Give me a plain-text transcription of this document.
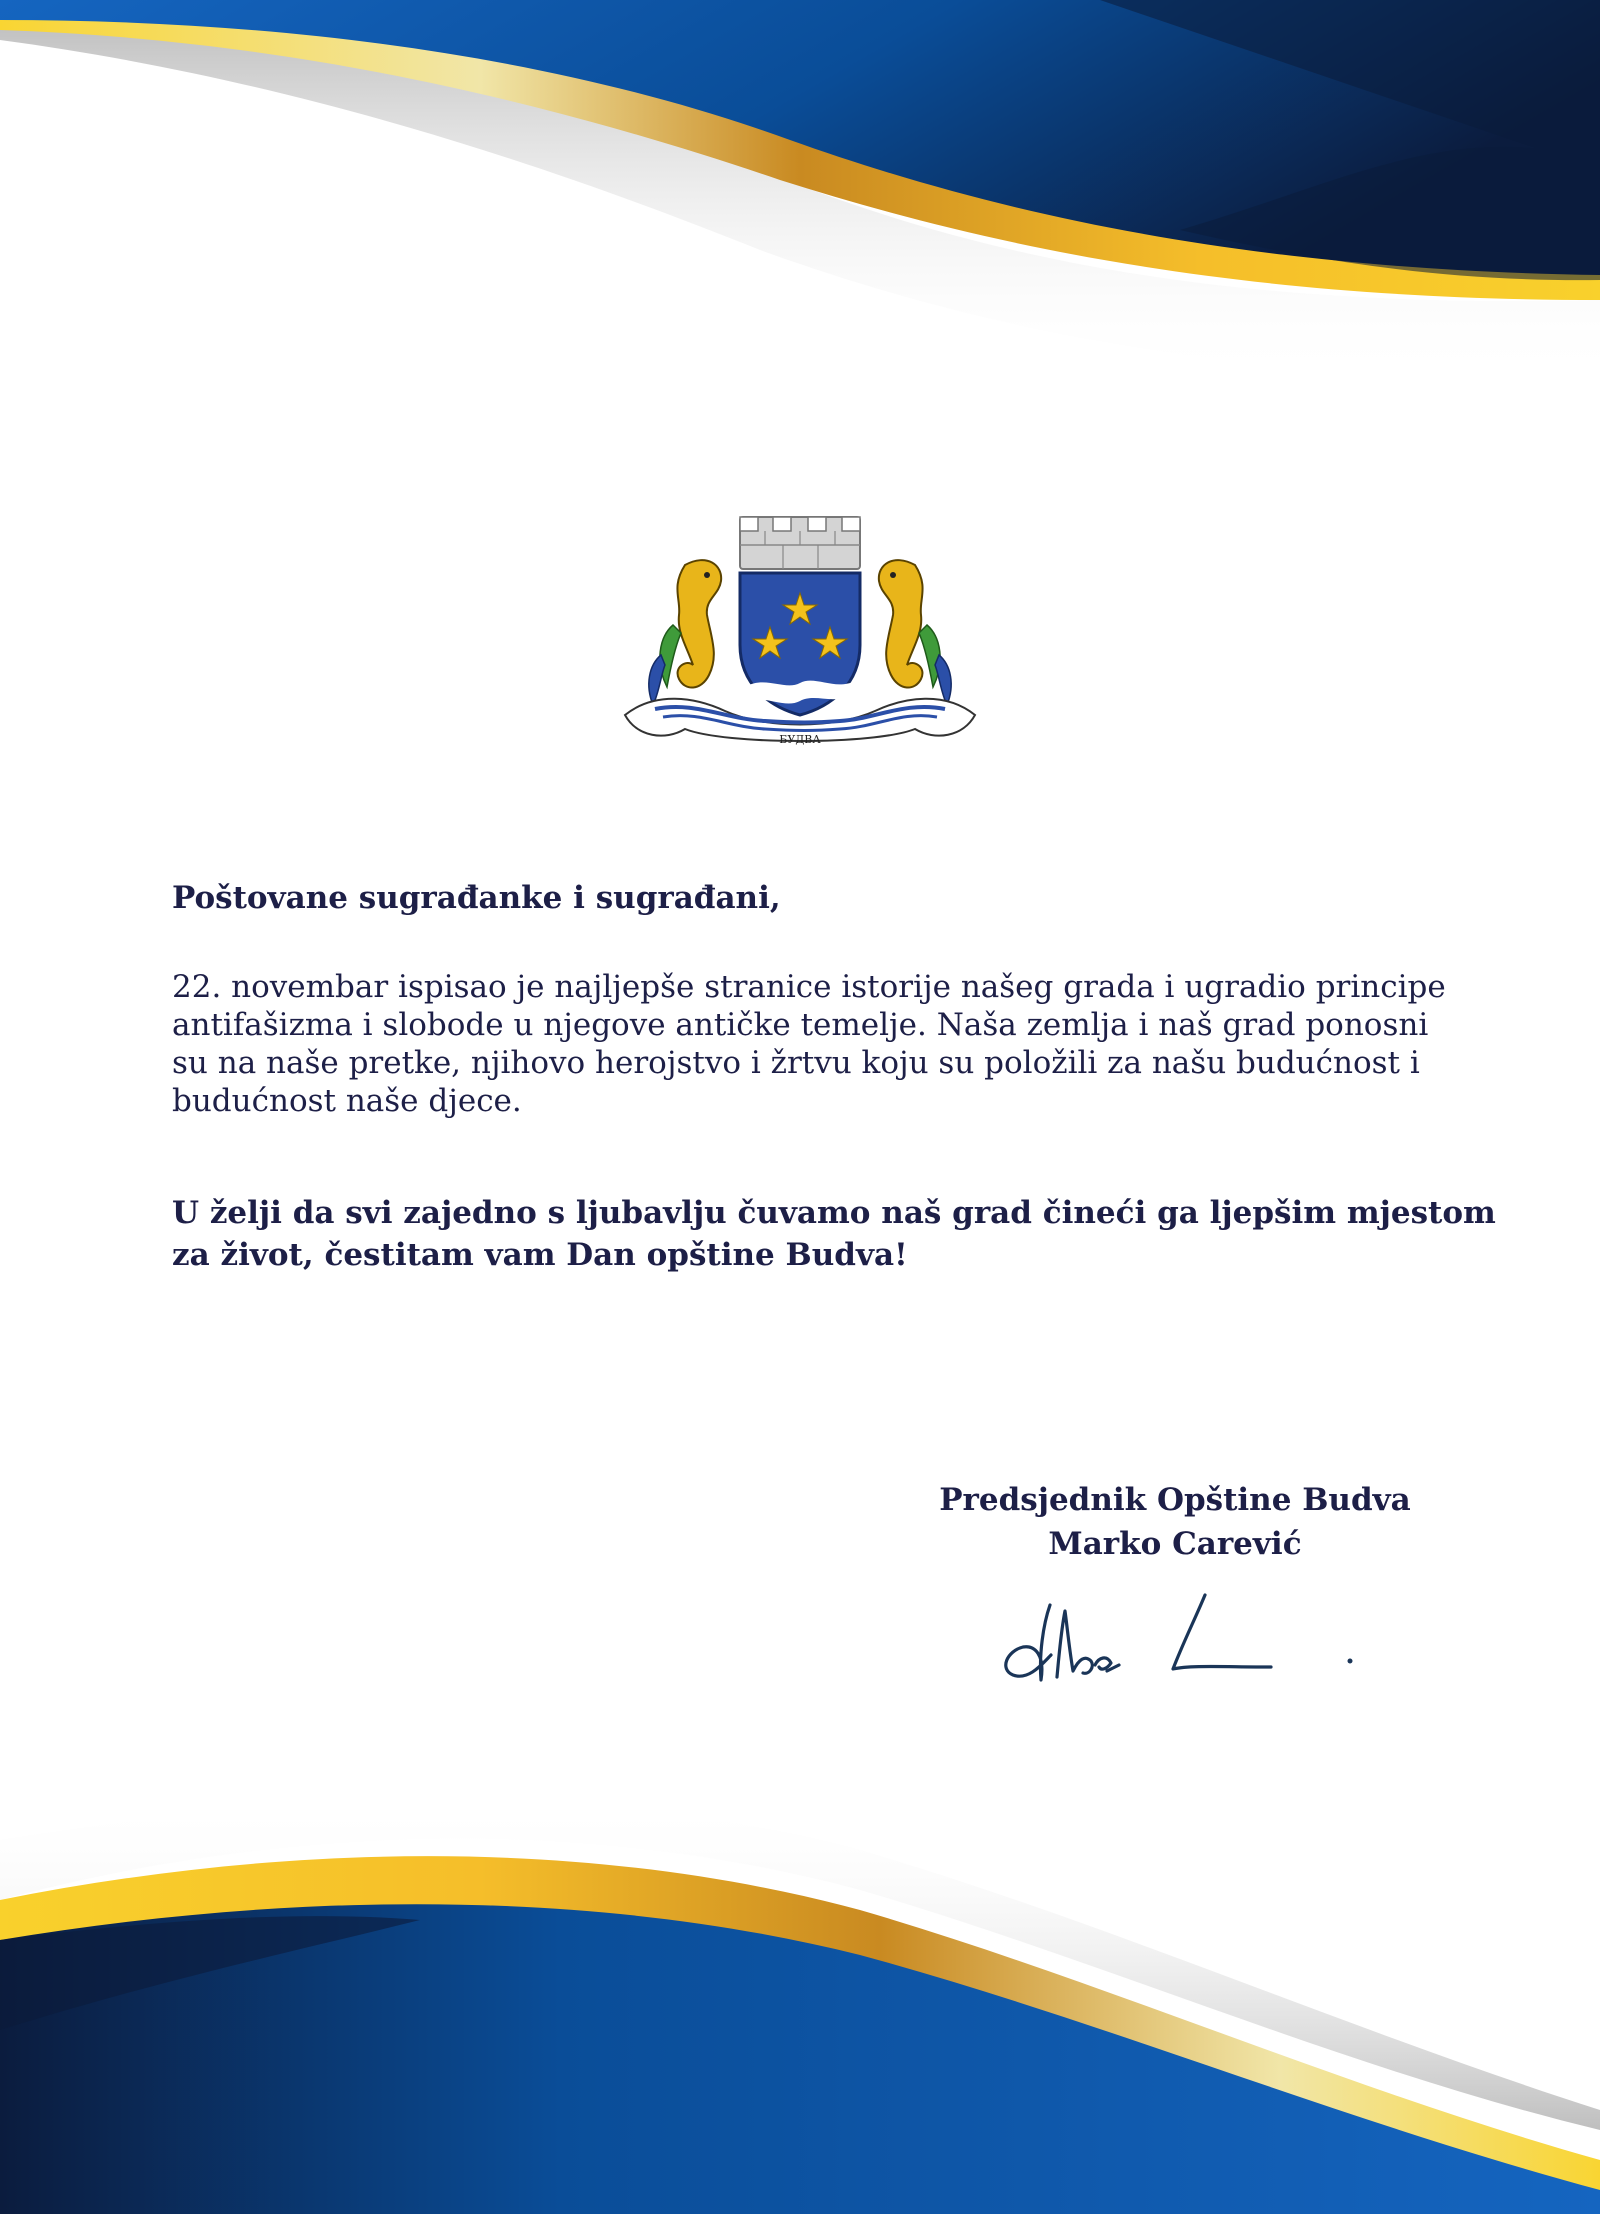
БУДВА
Poštovane sugrađanke i sugrađani,
22. novembar ispisao je najljepše stranice istorije našeg grada i ugradio principe
antifašizma i slobode u njegove antičke temelje. Naša zemlja i naš grad ponosni
su na naše pretke, njihovo herojstvo i žrtvu koju su položili za našu budućnost i
budućnost naše djece.
U želji da svi zajedno s ljubavlju čuvamo naš grad čineći ga ljepšim mjestom
za život, čestitam vam Dan opštine Budva!
Predsjednik Opštine Budva
Marko Carević
